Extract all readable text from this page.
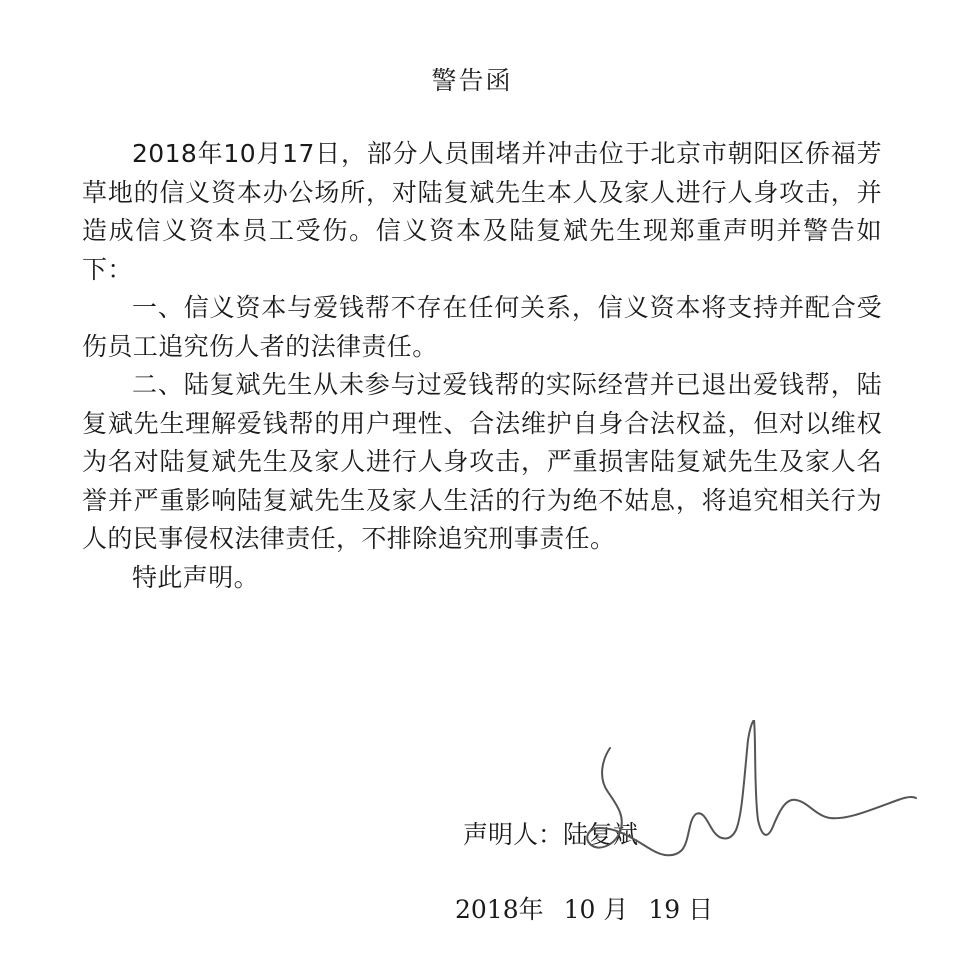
警告函

2018年10月17日，部分人员围堵并冲击位于北京市朝阳区侨福芳草地的信义资本办公场所，对陆复斌先生本人及家人进行人身攻击，并造成信义资本员工受伤。信义资本及陆复斌先生现郑重声明并警告如下：

一、信义资本与爱钱帮不存在任何关系，信义资本将支持并配合受伤员工追究伤人者的法律责任。

二、陆复斌先生从未参与过爱钱帮的实际经营并已退出爱钱帮，陆复斌先生理解爱钱帮的用户理性、合法维护自身合法权益，但对以维权为名对陆复斌先生及家人进行人身攻击，严重损害陆复斌先生及家人名誉并严重影响陆复斌先生及家人生活的行为绝不姑息，将追究相关行为人的民事侵权法律责任，不排除追究刑事责任。

特此声明。

声明人：陆复斌
2018年 10 月 19 日
